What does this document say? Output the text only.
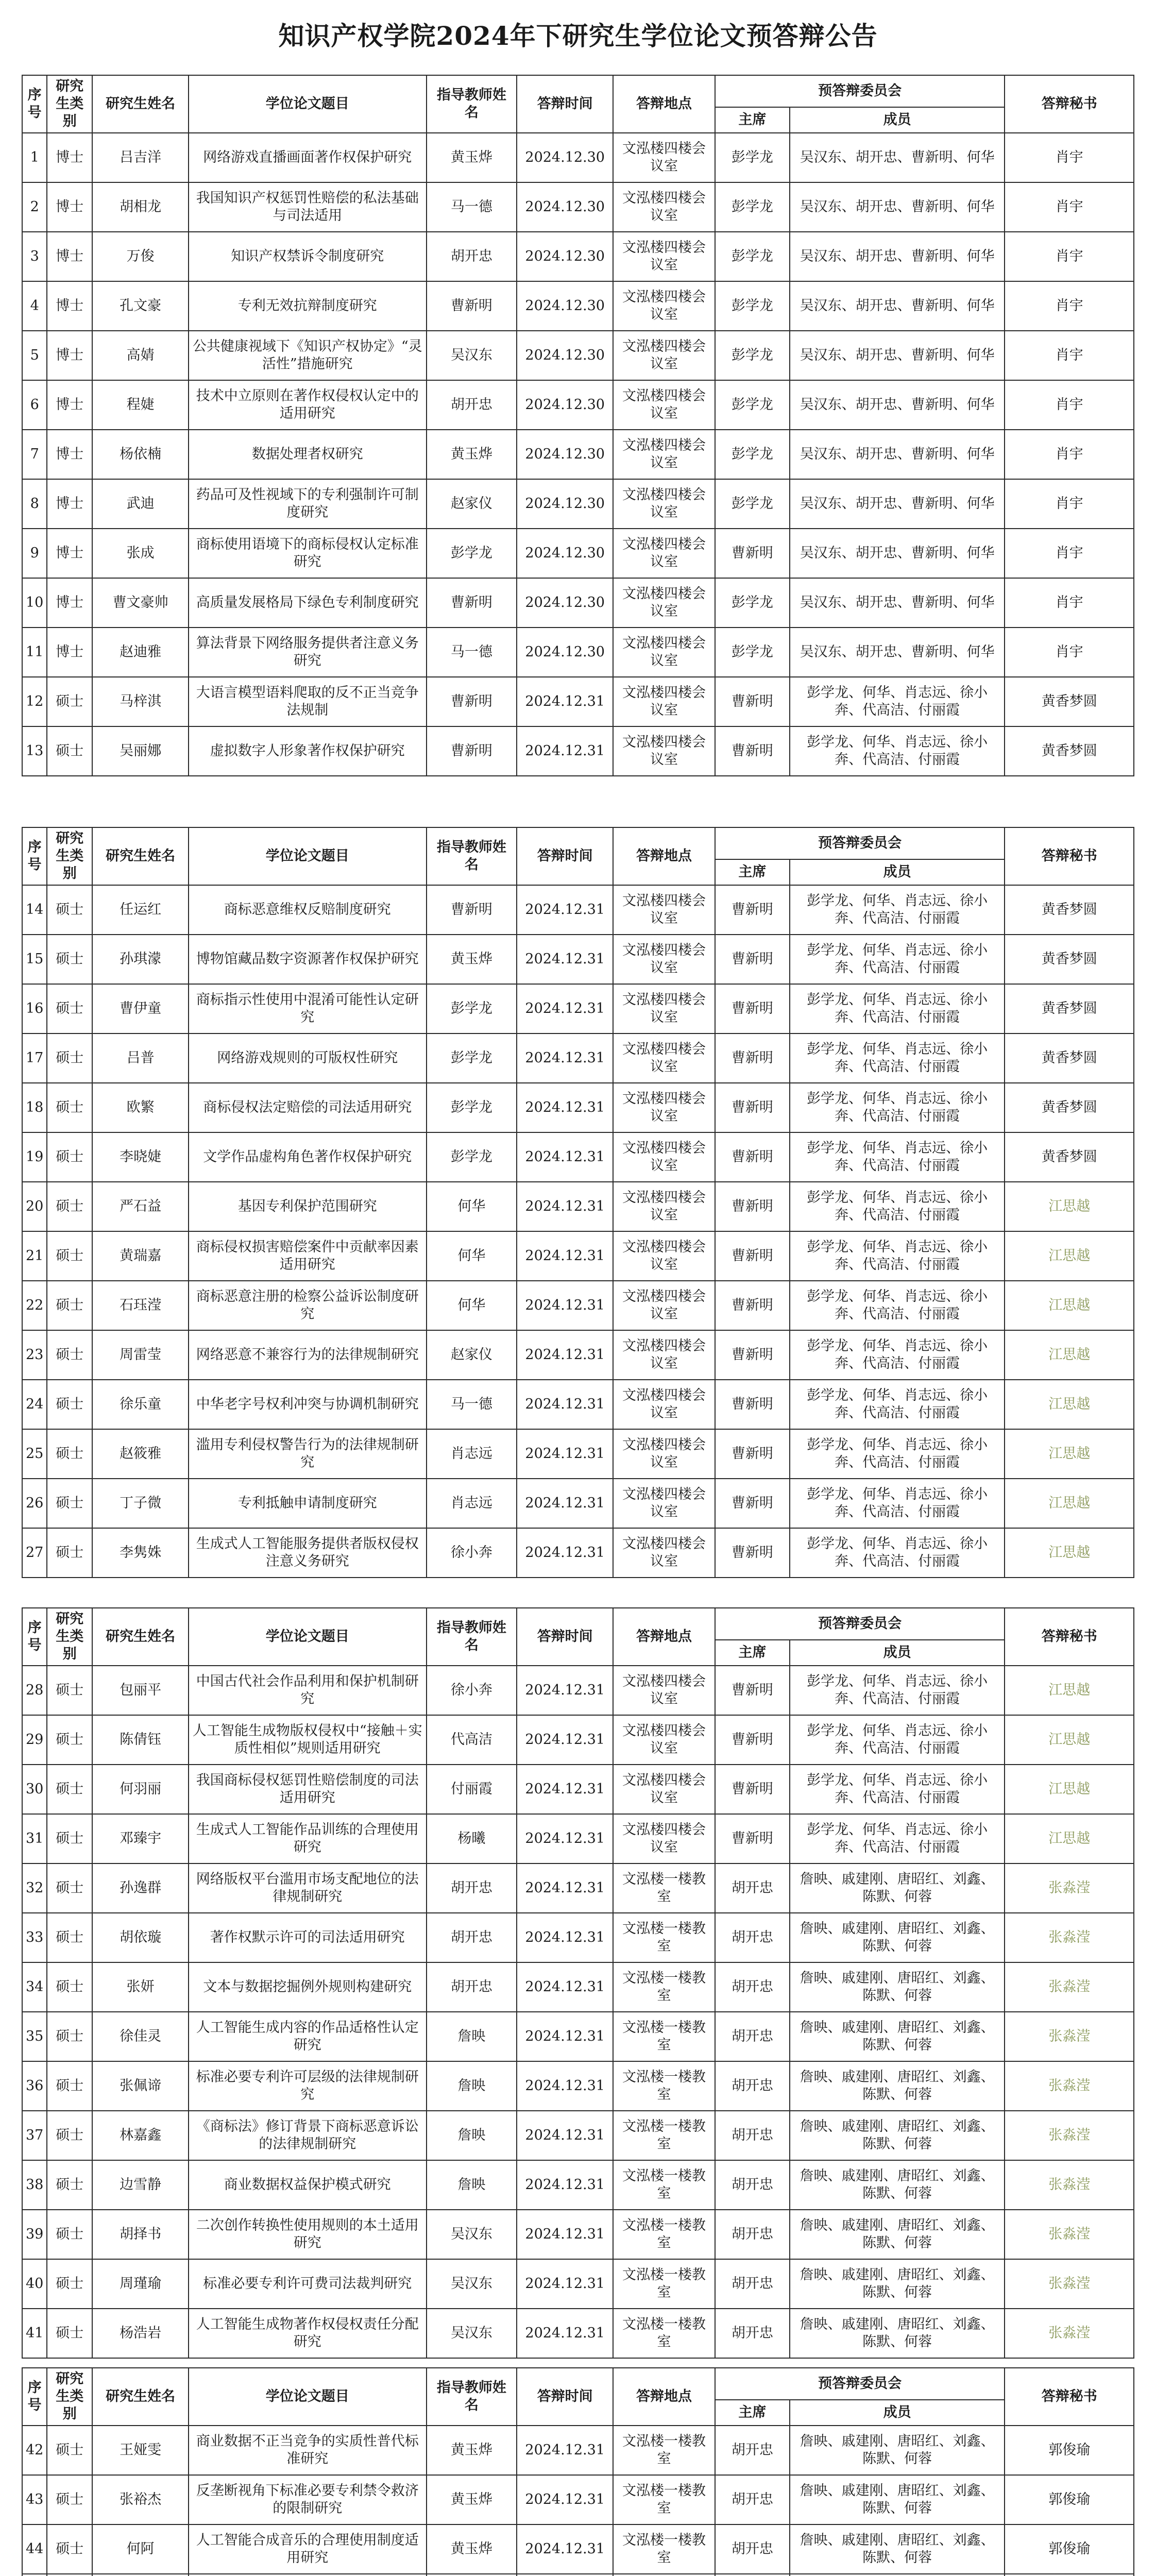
知识产权学院2024年下研究生学位论文预答辩公告
序号	研究生类别	研究生姓名	学位论文题目	指导教师姓名	答辩时间	答辩地点	预答辩委员会		答辩秘书
							主席	成员	
1	博士	吕吉洋	网络游戏直播画面著作权保护研究	黄玉烨	2024.12.30	文泓楼四楼会议室	彭学龙	吴汉东、胡开忠、曹新明、何华	肖宇
2	博士	胡相龙	我国知识产权惩罚性赔偿的私法基础与司法适用	马一德	2024.12.30	文泓楼四楼会议室	彭学龙	吴汉东、胡开忠、曹新明、何华	肖宇
3	博士	万俊	知识产权禁诉令制度研究	胡开忠	2024.12.30	文泓楼四楼会议室	彭学龙	吴汉东、胡开忠、曹新明、何华	肖宇
4	博士	孔文豪	专利无效抗辩制度研究	曹新明	2024.12.30	文泓楼四楼会议室	彭学龙	吴汉东、胡开忠、曹新明、何华	肖宇
5	博士	高婧	公共健康视域下《知识产权协定》“灵活性”措施研究	吴汉东	2024.12.30	文泓楼四楼会议室	彭学龙	吴汉东、胡开忠、曹新明、何华	肖宇
6	博士	程婕	技术中立原则在著作权侵权认定中的适用研究	胡开忠	2024.12.30	文泓楼四楼会议室	彭学龙	吴汉东、胡开忠、曹新明、何华	肖宇
7	博士	杨依楠	数据处理者权研究	黄玉烨	2024.12.30	文泓楼四楼会议室	彭学龙	吴汉东、胡开忠、曹新明、何华	肖宇
8	博士	武迪	药品可及性视域下的专利强制许可制度研究	赵家仪	2024.12.30	文泓楼四楼会议室	彭学龙	吴汉东、胡开忠、曹新明、何华	肖宇
9	博士	张成	商标使用语境下的商标侵权认定标准研究	彭学龙	2024.12.30	文泓楼四楼会议室	曹新明	吴汉东、胡开忠、曹新明、何华	肖宇
10	博士	曹文豪帅	高质量发展格局下绿色专利制度研究	曹新明	2024.12.30	文泓楼四楼会议室	彭学龙	吴汉东、胡开忠、曹新明、何华	肖宇
11	博士	赵迪雅	算法背景下网络服务提供者注意义务研究	马一德	2024.12.30	文泓楼四楼会议室	彭学龙	吴汉东、胡开忠、曹新明、何华	肖宇
12	硕士	马梓淇	大语言模型语料爬取的反不正当竞争法规制	曹新明	2024.12.31	文泓楼四楼会议室	曹新明	彭学龙、何华、肖志远、徐小奔、代高洁、付丽霞	黄香梦圆
13	硕士	吴丽娜	虚拟数字人形象著作权保护研究	曹新明	2024.12.31	文泓楼四楼会议室	曹新明	彭学龙、何华、肖志远、徐小奔、代高洁、付丽霞	黄香梦圆
序号	研究生类别	研究生姓名	学位论文题目	指导教师姓名	答辩时间	答辩地点	预答辩委员会		答辩秘书
							主席	成员	
14	硕士	任运红	商标恶意维权反赔制度研究	曹新明	2024.12.31	文泓楼四楼会议室	曹新明	彭学龙、何华、肖志远、徐小奔、代高洁、付丽霞	黄香梦圆
15	硕士	孙琪濛	博物馆藏品数字资源著作权保护研究	黄玉烨	2024.12.31	文泓楼四楼会议室	曹新明	彭学龙、何华、肖志远、徐小奔、代高洁、付丽霞	黄香梦圆
16	硕士	曹伊童	商标指示性使用中混淆可能性认定研究	彭学龙	2024.12.31	文泓楼四楼会议室	曹新明	彭学龙、何华、肖志远、徐小奔、代高洁、付丽霞	黄香梦圆
17	硕士	吕普	网络游戏规则的可版权性研究	彭学龙	2024.12.31	文泓楼四楼会议室	曹新明	彭学龙、何华、肖志远、徐小奔、代高洁、付丽霞	黄香梦圆
18	硕士	欧繁	商标侵权法定赔偿的司法适用研究	彭学龙	2024.12.31	文泓楼四楼会议室	曹新明	彭学龙、何华、肖志远、徐小奔、代高洁、付丽霞	黄香梦圆
19	硕士	李晓婕	文学作品虚构角色著作权保护研究	彭学龙	2024.12.31	文泓楼四楼会议室	曹新明	彭学龙、何华、肖志远、徐小奔、代高洁、付丽霞	黄香梦圆
20	硕士	严石益	基因专利保护范围研究	何华	2024.12.31	文泓楼四楼会议室	曹新明	彭学龙、何华、肖志远、徐小奔、代高洁、付丽霞	江思越
21	硕士	黄瑞嘉	商标侵权损害赔偿案件中贡献率因素适用研究	何华	2024.12.31	文泓楼四楼会议室	曹新明	彭学龙、何华、肖志远、徐小奔、代高洁、付丽霞	江思越
22	硕士	石珏滢	商标恶意注册的检察公益诉讼制度研究	何华	2024.12.31	文泓楼四楼会议室	曹新明	彭学龙、何华、肖志远、徐小奔、代高洁、付丽霞	江思越
23	硕士	周雷莹	网络恶意不兼容行为的法律规制研究	赵家仪	2024.12.31	文泓楼四楼会议室	曹新明	彭学龙、何华、肖志远、徐小奔、代高洁、付丽霞	江思越
24	硕士	徐乐童	中华老字号权利冲突与协调机制研究	马一德	2024.12.31	文泓楼四楼会议室	曹新明	彭学龙、何华、肖志远、徐小奔、代高洁、付丽霞	江思越
25	硕士	赵筱雅	滥用专利侵权警告行为的法律规制研究	肖志远	2024.12.31	文泓楼四楼会议室	曹新明	彭学龙、何华、肖志远、徐小奔、代高洁、付丽霞	江思越
26	硕士	丁子微	专利抵触申请制度研究	肖志远	2024.12.31	文泓楼四楼会议室	曹新明	彭学龙、何华、肖志远、徐小奔、代高洁、付丽霞	江思越
27	硕士	李隽姝	生成式人工智能服务提供者版权侵权注意义务研究	徐小奔	2024.12.31	文泓楼四楼会议室	曹新明	彭学龙、何华、肖志远、徐小奔、代高洁、付丽霞	江思越
序号	研究生类别	研究生姓名	学位论文题目	指导教师姓名	答辩时间	答辩地点	预答辩委员会		答辩秘书
							主席	成员	
28	硕士	包丽平	中国古代社会作品利用和保护机制研究	徐小奔	2024.12.31	文泓楼四楼会议室	曹新明	彭学龙、何华、肖志远、徐小奔、代高洁、付丽霞	江思越
29	硕士	陈倩钰	人工智能生成物版权侵权中“接触＋实质性相似”规则适用研究	代高洁	2024.12.31	文泓楼四楼会议室	曹新明	彭学龙、何华、肖志远、徐小奔、代高洁、付丽霞	江思越
30	硕士	何羽丽	我国商标侵权惩罚性赔偿制度的司法适用研究	付丽霞	2024.12.31	文泓楼四楼会议室	曹新明	彭学龙、何华、肖志远、徐小奔、代高洁、付丽霞	江思越
31	硕士	邓臻宇	生成式人工智能作品训练的合理使用研究	杨曦	2024.12.31	文泓楼四楼会议室	曹新明	彭学龙、何华、肖志远、徐小奔、代高洁、付丽霞	江思越
32	硕士	孙逸群	网络版权平台滥用市场支配地位的法律规制研究	胡开忠	2024.12.31	文泓楼一楼教室	胡开忠	詹映、戚建刚、唐昭红、刘鑫、陈默、何蓉	张淼滢
33	硕士	胡依璇	著作权默示许可的司法适用研究	胡开忠	2024.12.31	文泓楼一楼教室	胡开忠	詹映、戚建刚、唐昭红、刘鑫、陈默、何蓉	张淼滢
34	硕士	张妍	文本与数据挖掘例外规则构建研究	胡开忠	2024.12.31	文泓楼一楼教室	胡开忠	詹映、戚建刚、唐昭红、刘鑫、陈默、何蓉	张淼滢
35	硕士	徐佳灵	人工智能生成内容的作品适格性认定研究	詹映	2024.12.31	文泓楼一楼教室	胡开忠	詹映、戚建刚、唐昭红、刘鑫、陈默、何蓉	张淼滢
36	硕士	张佩谛	标准必要专利许可层级的法律规制研究	詹映	2024.12.31	文泓楼一楼教室	胡开忠	詹映、戚建刚、唐昭红、刘鑫、陈默、何蓉	张淼滢
37	硕士	林嘉鑫	《商标法》修订背景下商标恶意诉讼的法律规制研究	詹映	2024.12.31	文泓楼一楼教室	胡开忠	詹映、戚建刚、唐昭红、刘鑫、陈默、何蓉	张淼滢
38	硕士	边雪静	商业数据权益保护模式研究	詹映	2024.12.31	文泓楼一楼教室	胡开忠	詹映、戚建刚、唐昭红、刘鑫、陈默、何蓉	张淼滢
39	硕士	胡择书	二次创作转换性使用规则的本土适用研究	吴汉东	2024.12.31	文泓楼一楼教室	胡开忠	詹映、戚建刚、唐昭红、刘鑫、陈默、何蓉	张淼滢
40	硕士	周瑾瑜	标准必要专利许可费司法裁判研究	吴汉东	2024.12.31	文泓楼一楼教室	胡开忠	詹映、戚建刚、唐昭红、刘鑫、陈默、何蓉	张淼滢
41	硕士	杨浩岩	人工智能生成物著作权侵权责任分配研究	吴汉东	2024.12.31	文泓楼一楼教室	胡开忠	詹映、戚建刚、唐昭红、刘鑫、陈默、何蓉	张淼滢
序号	研究生类别	研究生姓名	学位论文题目	指导教师姓名	答辩时间	答辩地点	预答辩委员会		答辩秘书
							主席	成员	
42	硕士	王娅雯	商业数据不正当竞争的实质性普代标准研究	黄玉烨	2024.12.31	文泓楼一楼教室	胡开忠	詹映、戚建刚、唐昭红、刘鑫、陈默、何蓉	郭俊瑜
43	硕士	张裕杰	反垄断视角下标准必要专利禁令救济的限制研究	黄玉烨	2024.12.31	文泓楼一楼教室	胡开忠	詹映、戚建刚、唐昭红、刘鑫、陈默、何蓉	郭俊瑜
44	硕士	何阿	人工智能合成音乐的合理使用制度适用研究	黄玉烨	2024.12.31	文泓楼一楼教室	胡开忠	詹映、戚建刚、唐昭红、刘鑫、陈默、何蓉	郭俊瑜
